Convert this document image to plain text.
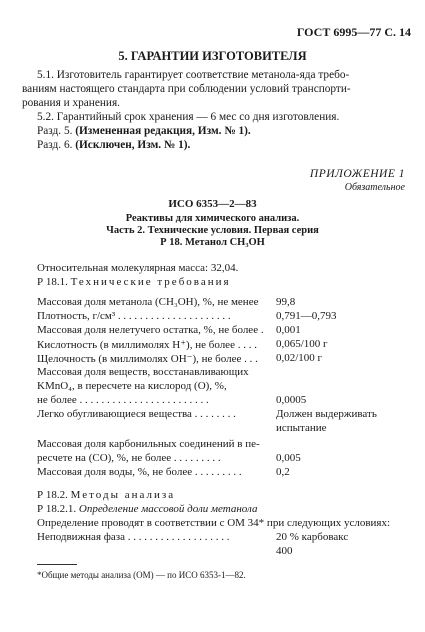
ГОСТ 6995—77 С. 14
5. ГАРАНТИИ ИЗГОТОВИТЕЛЯ
5.1. Изготовитель гарантирует соответствие метанола-яда требо-
ваниям настоящего стандарта при соблюдении условий транспорти-
рования и хранения.
5.2. Гарантийный срок хранения — 6 мес со дня изготовления.
Разд. 5. (Измененная редакция, Изм. № 1).
Разд. 6. (Исключен, Изм. № 1).
ПРИЛОЖЕНИЕ 1
Обязательное
ИСО 6353—2—83
Реактивы для химического анализа.
Часть 2. Технические условия. Первая серия
Р 18. Метанол CH₃OH
Относительная молекулярная масса: 32,04.
Р 18.1. Технические требования
Массовая доля метанола (CH₃OH), %, не менее 99,8
Плотность, г/см³ . . . . . . . . . . . . . . . . . . . . .	0,791—0,793
Массовая доля нелетучего остатка, %, не более . 0,001
Кислотность (в миллимолях H⁺), не более . . . . 0,065/100 г
Щелочность (в миллимолях OH⁻), не более . . . 0,02/100 г
Массовая доля веществ, восстанавливающих
KMnO₄, в пересчете на кислород (O), %,
не более . . . . . . . . . . . . . . . . . . . . . . . .	0,0005
Легко обугливающиеся вещества . . . . . . . .	Должен выдерживать
испытание
Массовая доля карбонильных соединений в пе-
ресчете на (CO), %, не более . . . . . . . . .	0,005
Массовая доля воды, %, не более . . . . . . . . .	0,2
Р 18.2. Методы анализа
Р 18.2.1. Определение массовой доли метанола
Определение проводят в соответствии с ОМ 34* при следующих условиях:
Неподвижная фаза . . . . . . . . . . . . . . . . . . .	20 % карбовакс
400
*Общие методы анализа (ОМ) — по ИСО 6353-1—82.
